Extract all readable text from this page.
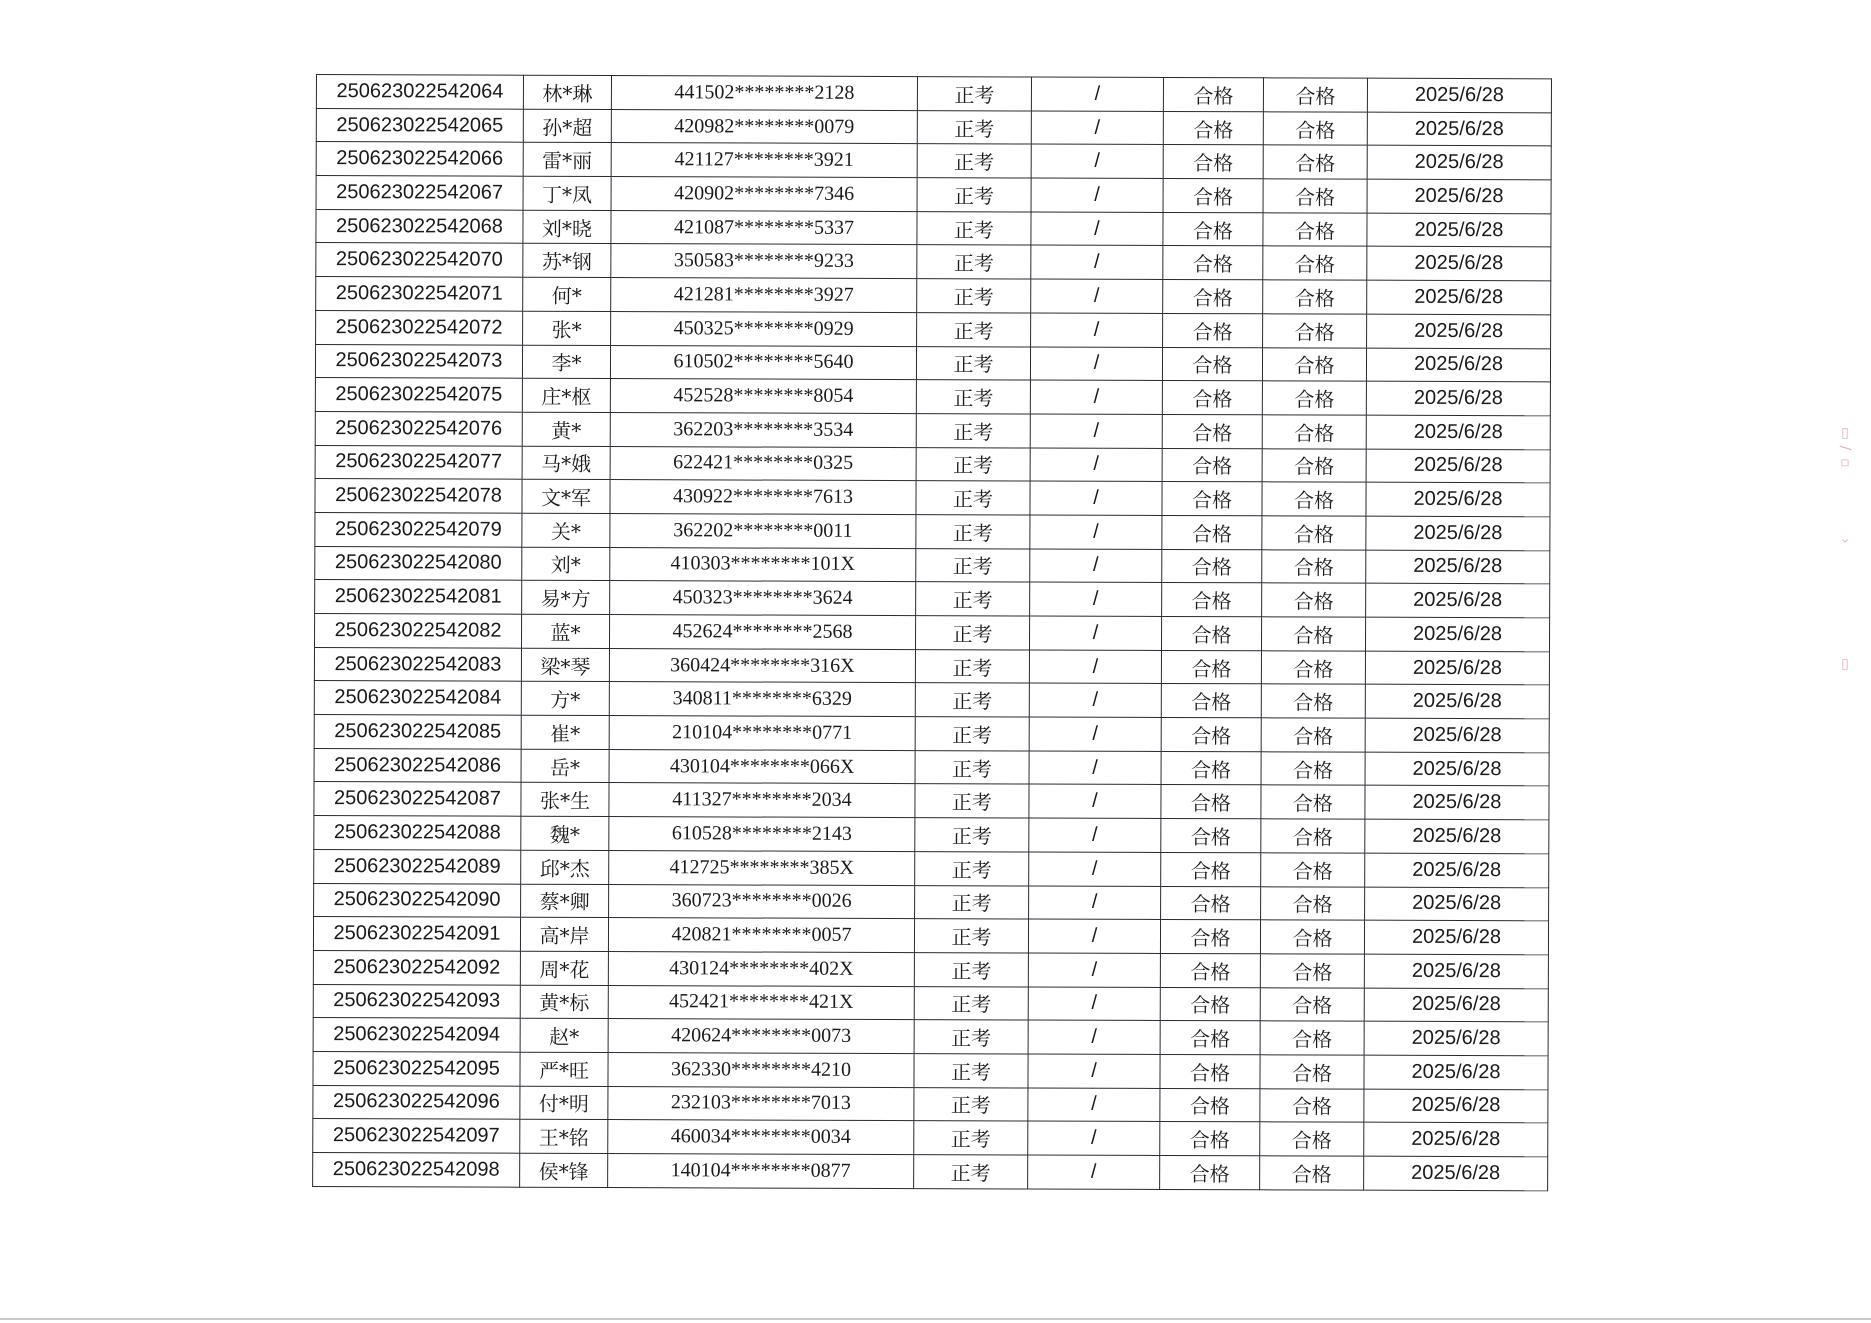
250623022542064	林*琳	441502********2128	正考	/	合格	合格	2025/6/28
250623022542065	孙*超	420982********0079	正考	/	合格	合格	2025/6/28
250623022542066	雷*丽	421127********3921	正考	/	合格	合格	2025/6/28
250623022542067	丁*凤	420902********7346	正考	/	合格	合格	2025/6/28
250623022542068	刘*晓	421087********5337	正考	/	合格	合格	2025/6/28
250623022542070	苏*钢	350583********9233	正考	/	合格	合格	2025/6/28
250623022542071	何*	421281********3927	正考	/	合格	合格	2025/6/28
250623022542072	张*	450325********0929	正考	/	合格	合格	2025/6/28
250623022542073	李*	610502********5640	正考	/	合格	合格	2025/6/28
250623022542075	庄*枢	452528********8054	正考	/	合格	合格	2025/6/28
250623022542076	黄*	362203********3534	正考	/	合格	合格	2025/6/28
250623022542077	马*娥	622421********0325	正考	/	合格	合格	2025/6/28
250623022542078	文*军	430922********7613	正考	/	合格	合格	2025/6/28
250623022542079	关*	362202********0011	正考	/	合格	合格	2025/6/28
250623022542080	刘*	410303********101X	正考	/	合格	合格	2025/6/28
250623022542081	易*方	450323********3624	正考	/	合格	合格	2025/6/28
250623022542082	蓝*	452624********2568	正考	/	合格	合格	2025/6/28
250623022542083	梁*琴	360424********316X	正考	/	合格	合格	2025/6/28
250623022542084	方*	340811********6329	正考	/	合格	合格	2025/6/28
250623022542085	崔*	210104********0771	正考	/	合格	合格	2025/6/28
250623022542086	岳*	430104********066X	正考	/	合格	合格	2025/6/28
250623022542087	张*生	411327********2034	正考	/	合格	合格	2025/6/28
250623022542088	魏*	610528********2143	正考	/	合格	合格	2025/6/28
250623022542089	邱*杰	412725********385X	正考	/	合格	合格	2025/6/28
250623022542090	蔡*卿	360723********0026	正考	/	合格	合格	2025/6/28
250623022542091	高*岸	420821********0057	正考	/	合格	合格	2025/6/28
250623022542092	周*花	430124********402X	正考	/	合格	合格	2025/6/28
250623022542093	黄*标	452421********421X	正考	/	合格	合格	2025/6/28
250623022542094	赵*	420624********0073	正考	/	合格	合格	2025/6/28
250623022542095	严*旺	362330********4210	正考	/	合格	合格	2025/6/28
250623022542096	付*明	232103********7013	正考	/	合格	合格	2025/6/28
250623022542097	王*铭	460034********0034	正考	/	合格	合格	2025/6/28
250623022542098	侯*锋	140104********0877	正考	/	合格	合格	2025/6/28
▯ ∕ ▫
›
▯
